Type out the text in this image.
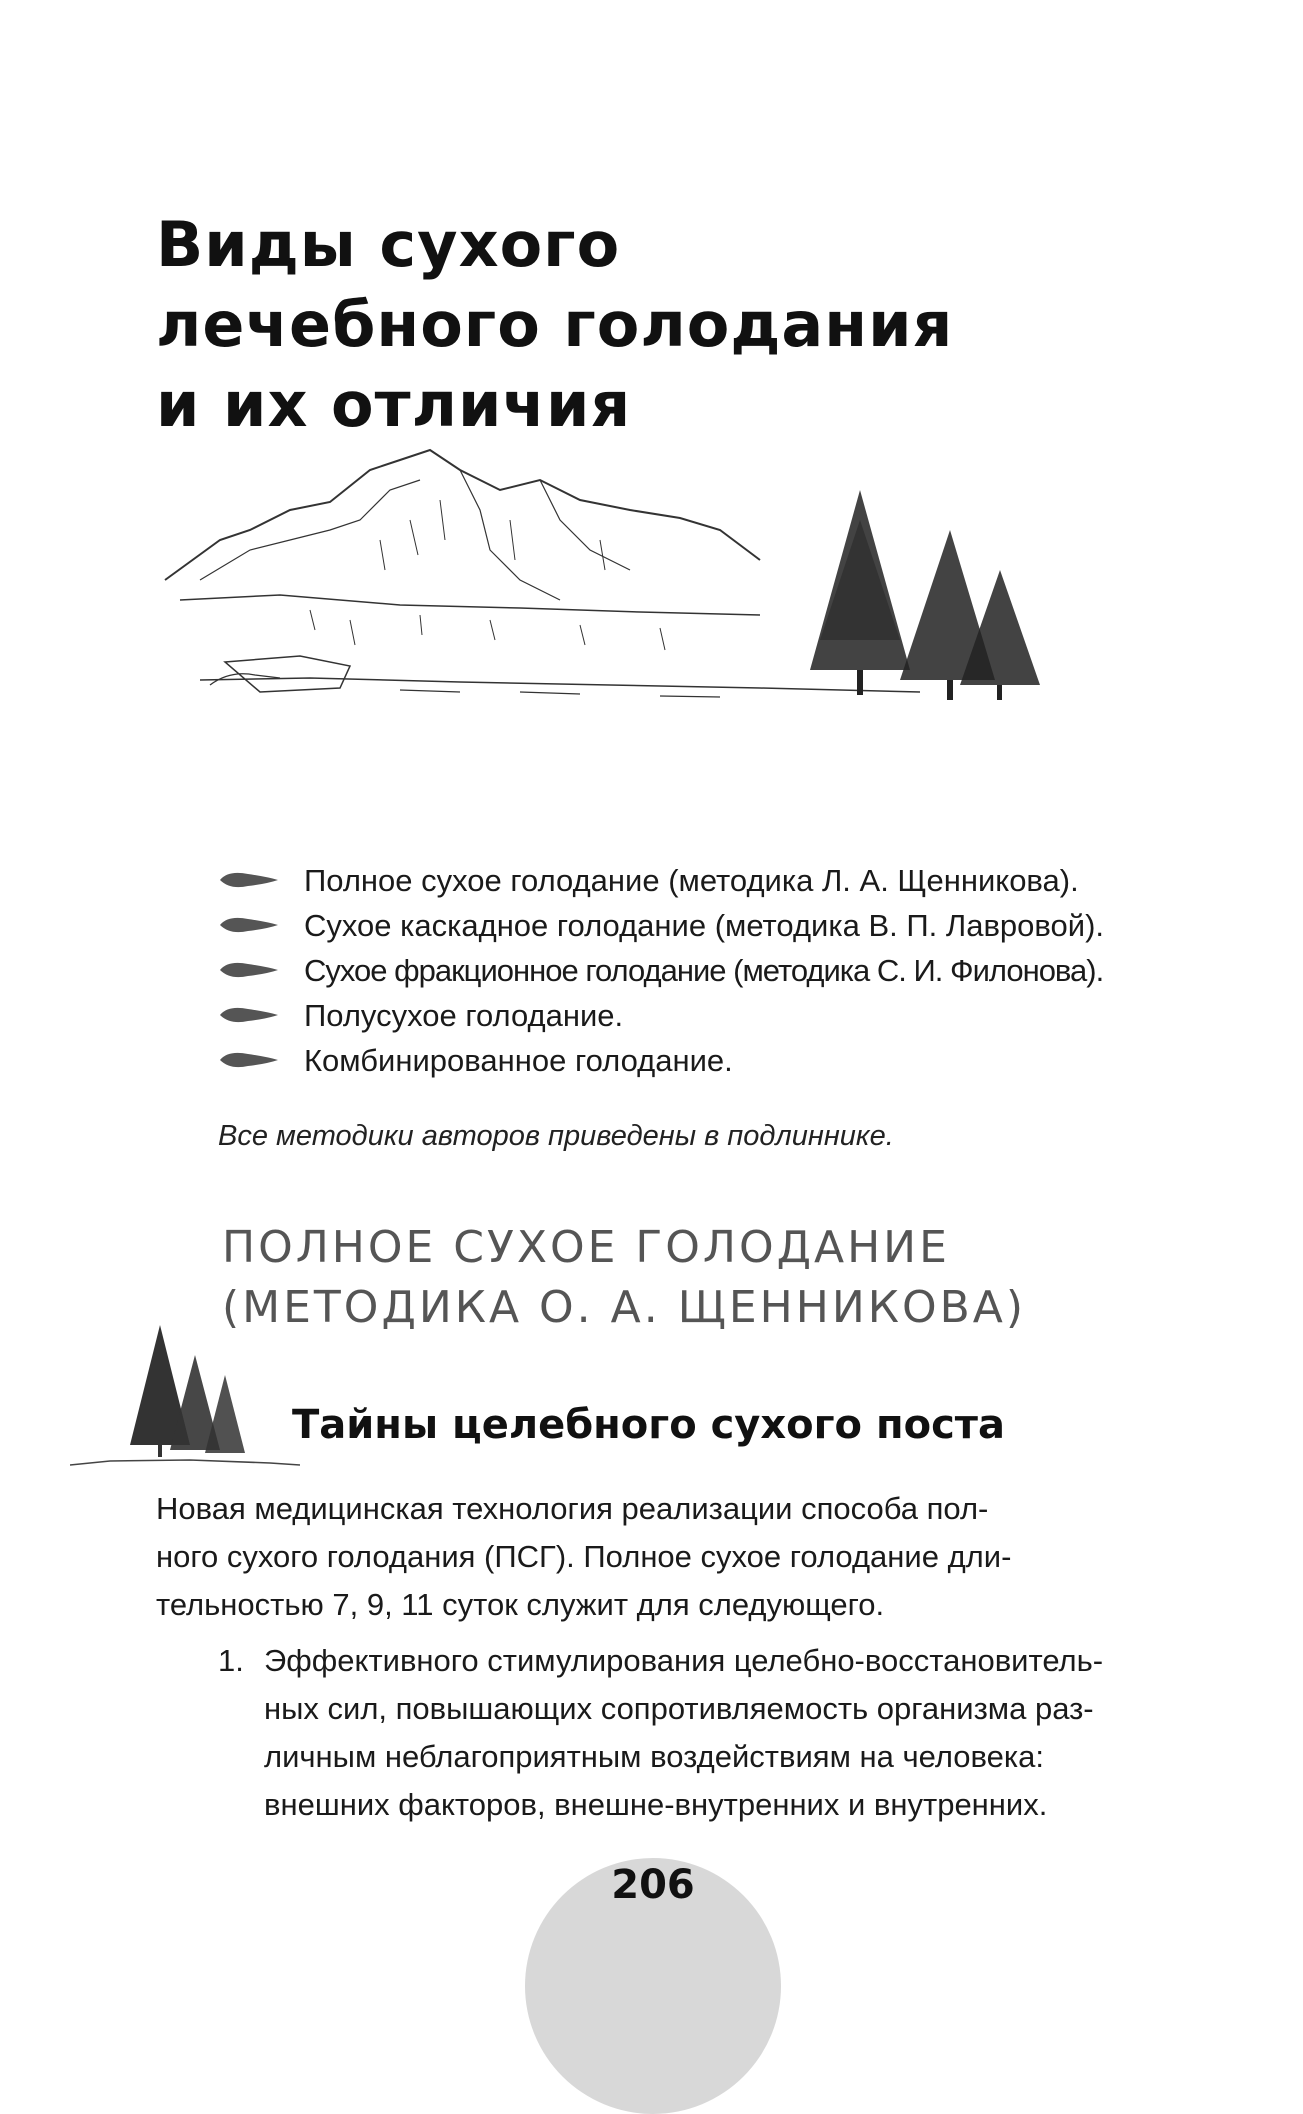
Виды сухого
лечебного голодания
и их отличия
Полное сухое голодание (методика Л. А. Щенникова).
Сухое каскадное голодание (методика В. П. Лавровой).
Сухое фракционное голодание (методика С. И. Филонова).
Полусухое голодание.
Комбинированное голодание.
Все методики авторов приведены в подлиннике.
ПОЛНОЕ СУХОЕ ГОЛОДАНИЕ
(МЕТОДИКА О. А. ЩЕННИКОВА)
Тайны целебного сухого поста
Новая медицинская технология реализации способа пол-
ного сухого голодания (ПСГ). Полное сухое голодание дли-
тельностью 7, 9, 11 суток служит для следующего.
1. Эффективного стимулирования целебно-восстановитель-
ных сил, повышающих сопротивляемость организма раз-
личным неблагоприятным воздействиям на человека:
внешних факторов, внешне-внутренних и внутренних.
206
